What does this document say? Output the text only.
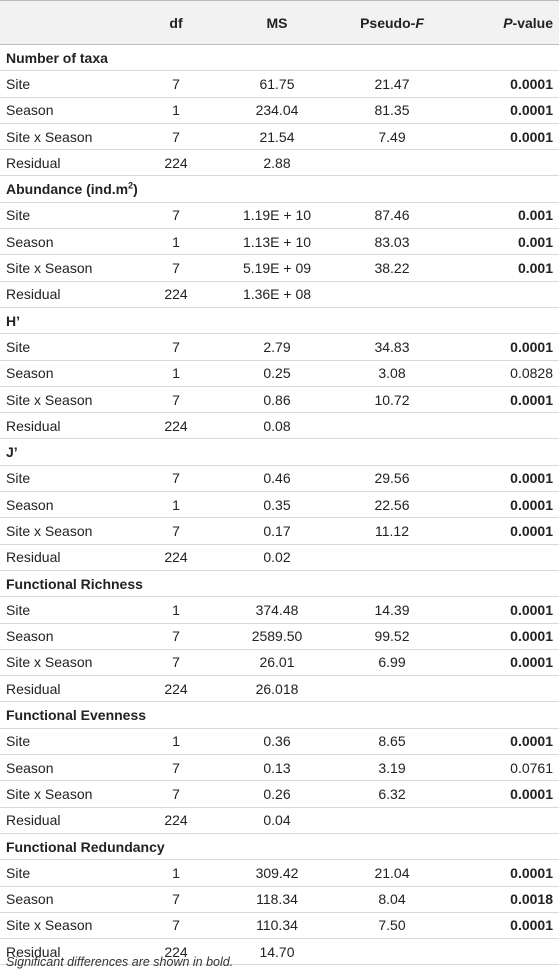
	df	MS	Pseudo-F	P-value
Number of taxa				
Site	7	61.75	21.47	0.0001
Season	1	234.04	81.35	0.0001
Site x Season	7	21.54	7.49	0.0001
Residual	224	2.88		
Abundance $(ind.m^2)$				
Site	7	1.19E + 10	87.46	0.001
Season	1	1.13E + 10	83.03	0.001
Site x Season	7	5.19E + 09	38.22	0.001
Residual	224	1.36E + 08		
H’				
Site	7	2.79	34.83	0.0001
Season	1	0.25	3.08	0.0828
Site x Season	7	0.86	10.72	0.0001
Residual	224	0.08		
J’				
Site	7	0.46	29.56	0.0001
Season	1	0.35	22.56	0.0001
Site x Season	7	0.17	11.12	0.0001
Residual	224	0.02		
Functional Richness				
Site	1	374.48	14.39	0.0001
Season	7	2589.50	99.52	0.0001
Site x Season	7	26.01	6.99	0.0001
Residual	224	26.018		
Functional Evenness				
Site	1	0.36	8.65	0.0001
Season	7	0.13	3.19	0.0761
Site x Season	7	0.26	6.32	0.0001
Residual	224	0.04		
Functional Redundancy				
Site	1	309.42	21.04	0.0001
Season	7	118.34	8.04	0.0018
Site x Season	7	110.34	7.50	0.0001
Residual	224	14.70		
Significant differences are shown in bold.
